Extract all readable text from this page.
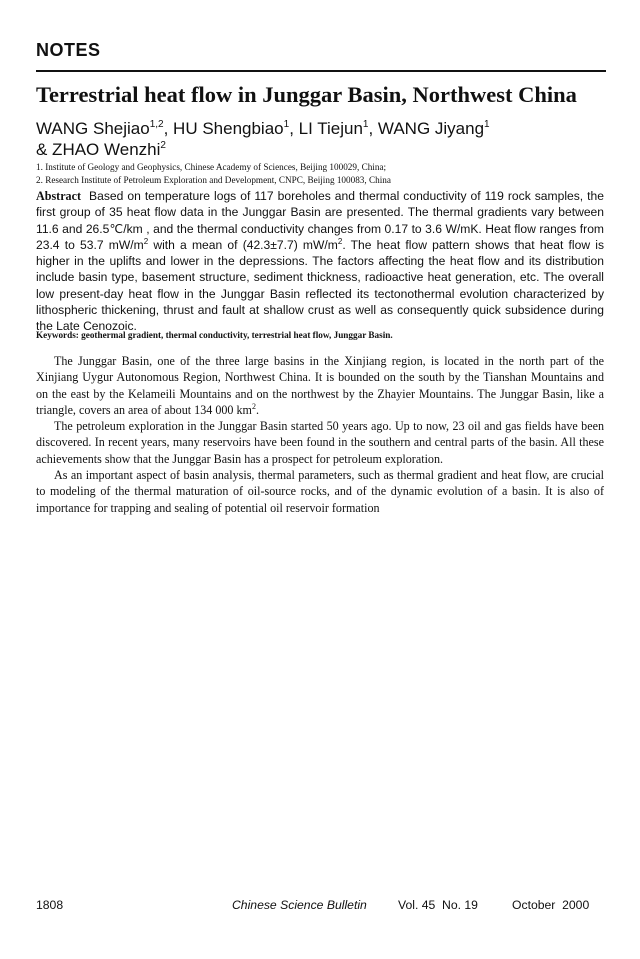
NOTES
Terrestrial heat flow in Junggar Basin, Northwest China
WANG Shejiao$^{1,2}$, HU Shengbiao$^1$, LI Tiejun$^1$, WANG Jiyang$^1$
& ZHAO Wenzhi$^2$
1. Institute of Geology and Geophysics, Chinese Academy of Sciences, Beijing 100029, China;
2. Research Institute of Petroleum Exploration and Development, CNPC, Beijing 100083, China
Abstract Based on temperature logs of 117 boreholes and thermal conductivity of 119 rock samples, the first group of 35 heat flow data in the Junggar Basin are presented. The thermal gradients vary between 11.6 and 26.5℃/km , and the thermal conductivity changes from 0.17 to 3.6 W/mK. Heat flow ranges from 23.4 to 53.7 $mW/m^2$ with a mean of (42.3±7.7) $mW/m^2$. The heat flow pattern shows that heat flow is higher in the uplifts and lower in the depressions. The factors affecting the heat flow and its distribution include basin type, basement structure, sediment thickness, radioactive heat generation, etc. The overall low present-day heat flow in the Junggar Basin reflected its tectonothermal evolution characterized by lithospheric thickening, thrust and fault at shallow crust as well as consequently quick subsidence during the Late Cenozoic.
Keywords: geothermal gradient, thermal conductivity, terrestrial heat flow, Junggar Basin.

The Junggar Basin, one of the three large basins in the Xinjiang region, is located in the north part of the Xinjiang Uygur Autonomous Region, Northwest China. It is bounded on the south by the Tianshan Mountains and on the east by the Kelameili Mountains and on the northwest by the Zhayier Mountains. The Junggar Basin, like a triangle, covers an area of about 134 000 $km^2$.

The petroleum exploration in the Junggar Basin started 50 years ago. Up to now, 23 oil and gas fields have been discovered. In recent years, many reservoirs have been found in the southern and central parts of the basin. All these achievements show that the Junggar Basin has a prospect for petroleum exploration.

As an important aspect of basin analysis, thermal parameters, such as thermal gradient and heat flow, are crucial to modeling of the thermal maturation of oil-source rocks, and of the dynamic evolution of a basin. It is also of importance for trapping and sealing of potential oil reservoir formation

1808	Chinese Science Bulletin	Vol. 45  No. 19	October  2000
